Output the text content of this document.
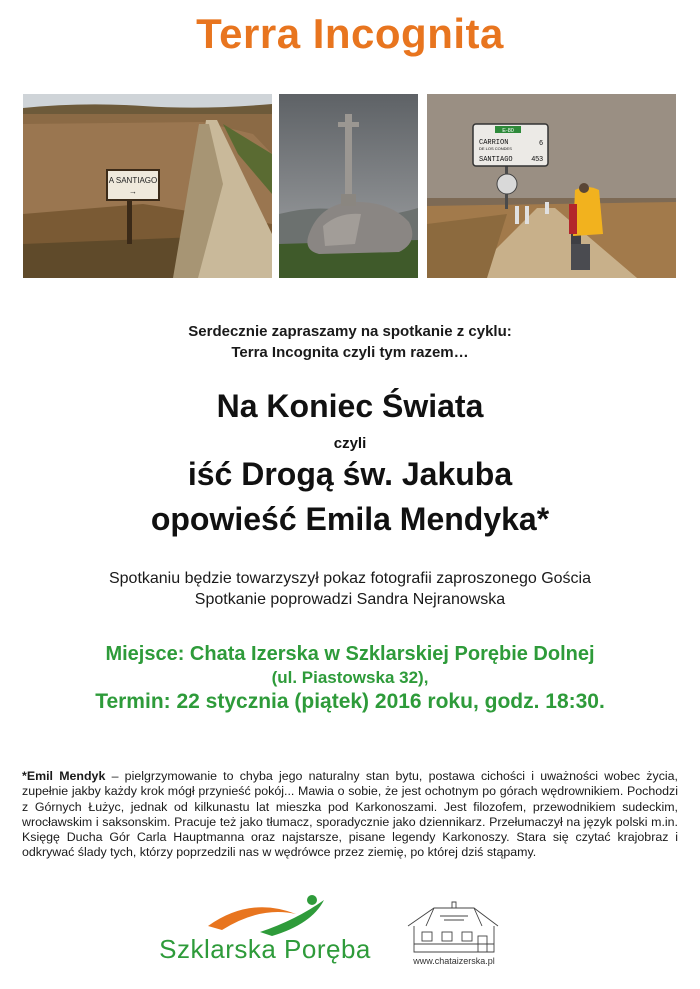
Terra Incognita
A SANTIAGO
→
E-80
CARRION
DE LOS CONDES
6
SANTIAGO	453
Serdecznie zapraszamy na spotkanie z cyklu:
Terra Incognita czyli tym razem…
Na Koniec Świata
czyli
iść Drogą św. Jakuba
opowieść Emila Mendyka*
Spotkaniu będzie towarzyszył pokaz fotografii zaproszonego Gościa
Spotkanie poprowadzi Sandra Nejranowska
Miejsce: Chata Izerska w Szklarskiej Porębie Dolnej
(ul. Piastowska 32),
Termin: 22 stycznia (piątek) 2016 roku, godz. 18:30.
*Emil Mendyk – pielgrzymowanie to chyba jego naturalny stan bytu, postawa cichości i uważności wobec życia, zupełnie jakby każdy krok mógł przynieść pokój... Mawia o sobie, że jest ochotnym po górach wędrownikiem. Pochodzi z Górnych Łużyc, jednak od kilkunastu lat mieszka pod Karkonoszami. Jest filozofem, przewodnikiem sudeckim, wrocławskim i saksonskim. Pracuje też jako tłumacz, sporadycznie jako dziennikarz. Przełumaczył na język polski m.in. Księgę Ducha Gór Carla Hauptmanna oraz najstarsze, pisane legendy Karkonoszy. Stara się czytać krajobraz i odkrywać ślady tych, którzy poprzedzili nas w wędrówce przez ziemię, po której dziś stąpamy.
Szklarska Poręba	www.chataizerska.pl
